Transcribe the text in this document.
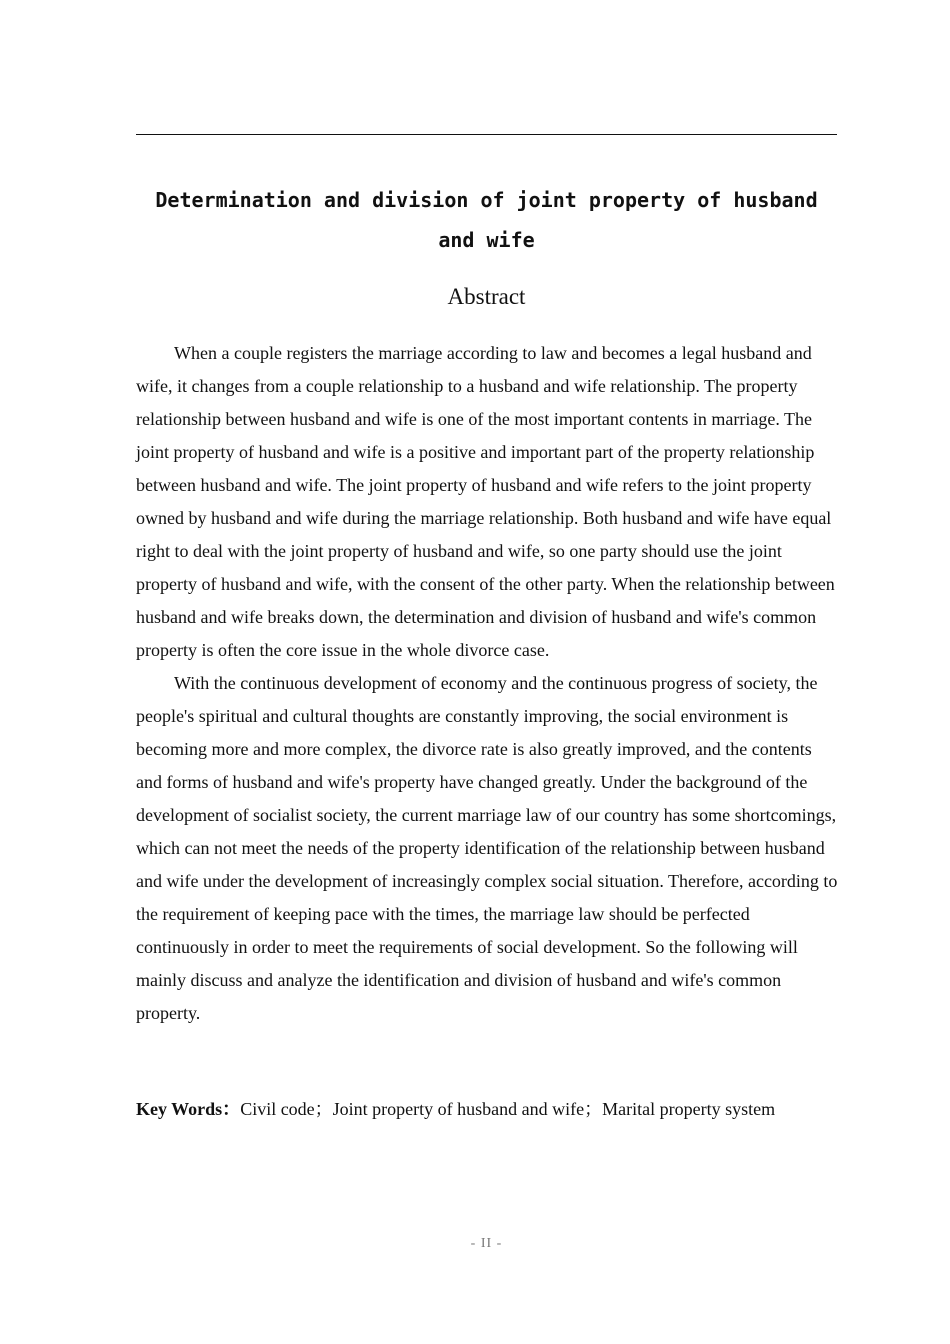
Determination and division of joint property of husband
and wife
Abstract

When a couple registers the marriage according to law and becomes a legal husband and wife, it changes from a couple relationship to a husband and wife relationship. The property relationship between husband and wife is one of the most important contents in marriage. The joint property of husband and wife is a positive and important part of the property relationship between husband and wife. The joint property of husband and wife refers to the joint property owned by husband and wife during the marriage relationship. Both husband and wife have equal right to deal with the joint property of husband and wife, so one party should use the joint property of husband and wife, with the consent of the other party. When the relationship between husband and wife breaks down, the determination and division of husband and wife's common property is often the core issue in the whole divorce case.

With the continuous development of economy and the continuous progress of society, the people's spiritual and cultural thoughts are constantly improving, the social environment is becoming more and more complex, the divorce rate is also greatly improved, and the contents and forms of husband and wife's property have changed greatly. Under the background of the development of socialist society, the current marriage law of our country has some shortcomings, which can not meet the needs of the property identification of the relationship between husband and wife under the development of increasingly complex social situation. Therefore, according to the requirement of keeping pace with the times, the marriage law should be perfected continuously in order to meet the requirements of social development. So the following will mainly discuss and analyze the identification and division of husband and wife's common property.

Key Words：Civil code；Joint property of husband and wife；Marital property system
- II -
